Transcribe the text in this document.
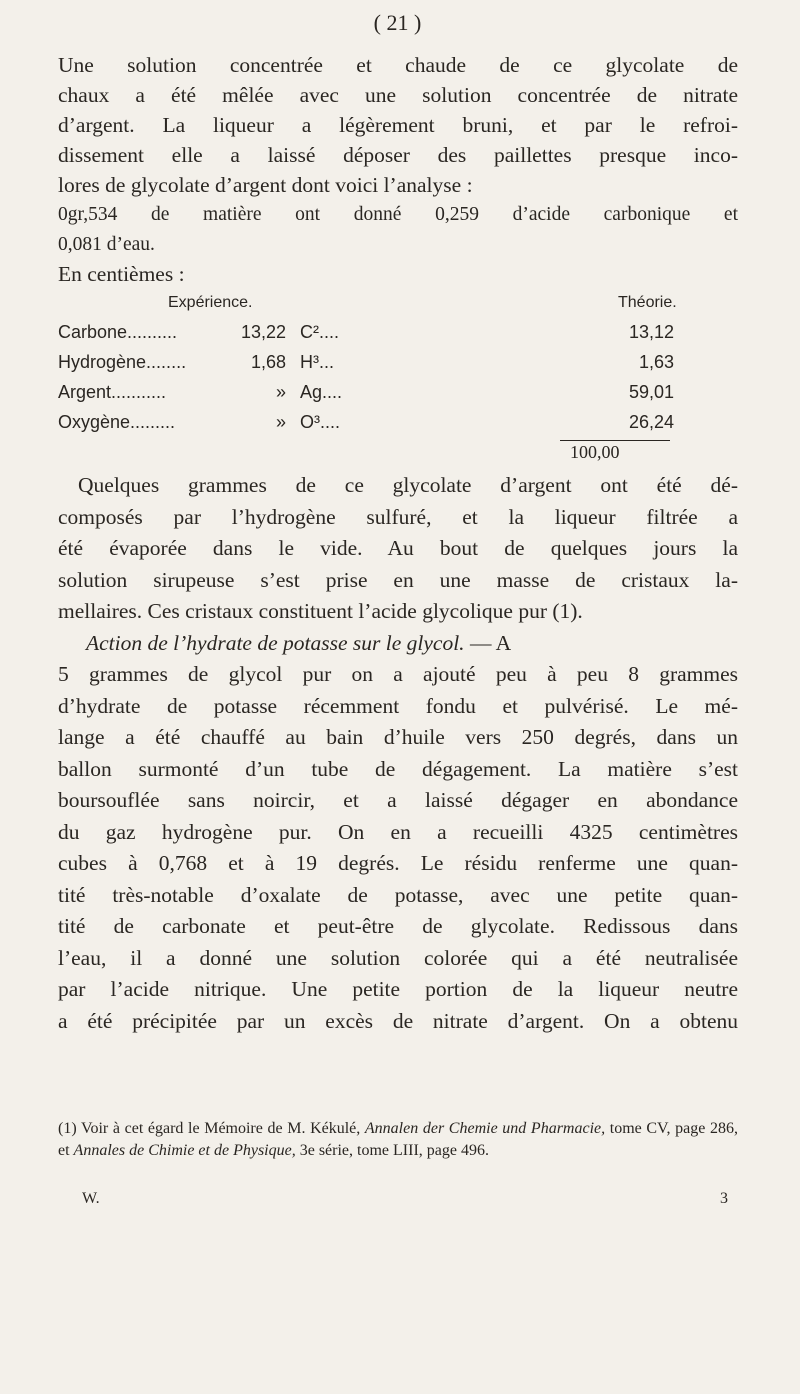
( 21 )
Une solution concentrée et chaude de ce glycolate de
chaux a été mêlée avec une solution concentrée de nitrate
d’argent. La liqueur a légèrement bruni, et par le refroi-
dissement elle a laissé déposer des paillettes presque inco-
lores de glycolate d’argent dont voici l’analyse :
0gr,534 de matière ont donné 0,259 d’acide carbonique et
0,081 d’eau.
En centièmes :
Expérience.	Théorie.
Carbone..........	13,22 C²....	13,12
Hydrogène........	1,68 H³...	1,63
Argent...........	» Ag....	59,01
Oxygène.........	» O³....	26,24
100,00
Quelques grammes de ce glycolate d’argent ont été dé-
composés par l’hydrogène sulfuré, et la liqueur filtrée a
été évaporée dans le vide. Au bout de quelques jours la
solution sirupeuse s’est prise en une masse de cristaux la-
mellaires. Ces cristaux constituent l’acide glycolique pur (1).
Action de l’hydrate de potasse sur le glycol. — A
5 grammes de glycol pur on a ajouté peu à peu 8 grammes
d’hydrate de potasse récemment fondu et pulvérisé. Le mé-
lange a été chauffé au bain d’huile vers 250 degrés, dans un
ballon surmonté d’un tube de dégagement. La matière s’est
boursouflée sans noircir, et a laissé dégager en abondance
du gaz hydrogène pur. On en a recueilli 4325 centimètres
cubes à 0,768 et à 19 degrés. Le résidu renferme une quan-
tité très-notable d’oxalate de potasse, avec une petite quan-
tité de carbonate et peut-être de glycolate. Redissous dans
l’eau, il a donné une solution colorée qui a été neutralisée
par l’acide nitrique. Une petite portion de la liqueur neutre
a été précipitée par un excès de nitrate d’argent. On a obtenu
(1) Voir à cet égard le Mémoire de M. Kékulé, Annalen der Chemie und Pharmacie, tome CV, page 286, et Annales de Chimie et de Physique, 3e série, tome LIII, page 496.
W.	3
